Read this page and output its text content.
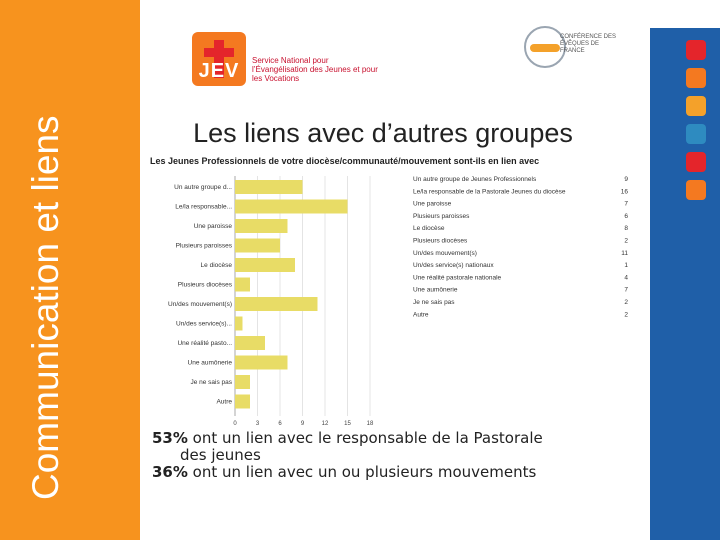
Communication et liens
JEV	Service National pour l’Évangélisation des Jeunes et pour les Vocations
CONFÉRENCE DES ÉVÊQUES DE FRANCE
Les liens avec d’autres groupes
0	3	6	9	12	15	18
Un autre groupe d...
Le/la responsable...
Une paroisse
Plusieurs paroisses
Le diocèse
Plusieurs diocèses
Un/des mouvement(s)
Un/des service(s)...
Une réalité pasto...
Une aumônerie
Je ne sais pas
Autre
Un autre groupe de Jeunes Professionnels	9
Le/la responsable de la Pastorale Jeunes du diocèse	16
Une paroisse	7
Plusieurs paroisses	6
Le diocèse	8
Plusieurs diocèses	2
Un/des mouvement(s)	11
Un/des service(s) nationaux	1
Une réalité pastorale nationale	4
Une aumônerie	7
Je ne sais pas	2
Autre	2
Les Jeunes Professionnels de votre diocèse/communauté/mouvement sont-ils en lien avec
53% ont un lien avec le responsable de la Pastorale
des jeunes
36% ont un lien avec un ou plusieurs mouvements
